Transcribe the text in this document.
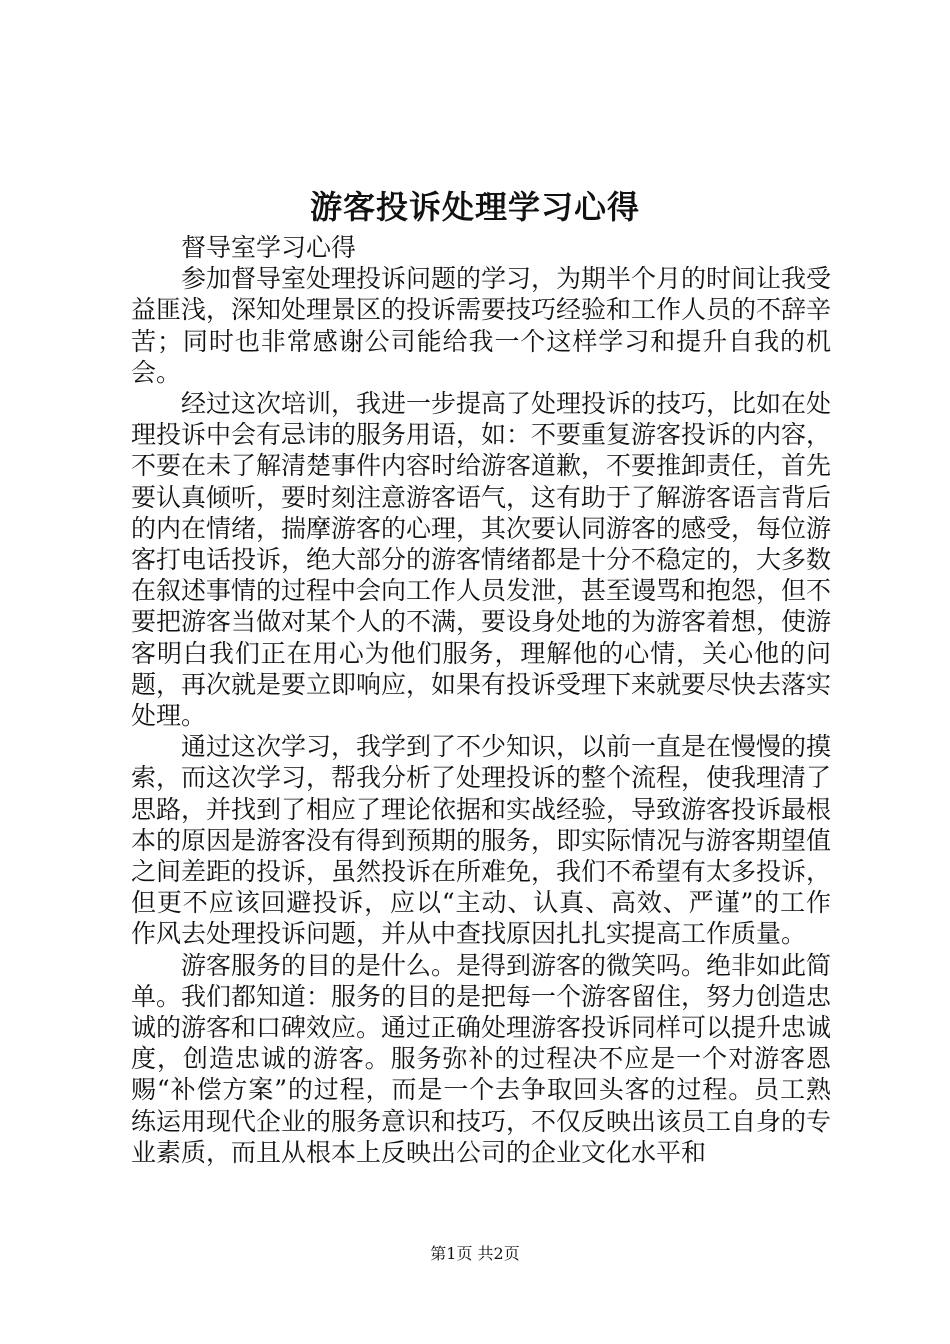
游客投诉处理学习心得

督导室学习心得

参加督导室处理投诉问题的学习，为期半个月的时间让我受益匪浅，深知处理景区的投诉需要技巧经验和工作人员的不辞辛苦；同时也非常感谢公司能给我一个这样学习和提升自我的机会。

经过这次培训，我进一步提高了处理投诉的技巧，比如在处理投诉中会有忌讳的服务用语，如：不要重复游客投诉的内容，不要在未了解清楚事件内容时给游客道歉，不要推卸责任，首先要认真倾听，要时刻注意游客语气，这有助于了解游客语言背后的内在情绪，揣摩游客的心理，其次要认同游客的感受，每位游客打电话投诉，绝大部分的游客情绪都是十分不稳定的，大多数在叙述事情的过程中会向工作人员发泄，甚至谩骂和抱怨，但不要把游客当做对某个人的不满，要设身处地的为游客着想，使游客明白我们正在用心为他们服务，理解他的心情，关心他的问题，再次就是要立即响应，如果有投诉受理下来就要尽快去落实处理。

通过这次学习，我学到了不少知识，以前一直是在慢慢的摸索，而这次学习，帮我分析了处理投诉的整个流程，使我理清了思路，并找到了相应了理论依据和实战经验，导致游客投诉最根本的原因是游客没有得到预期的服务，即实际情况与游客期望值之间差距的投诉，虽然投诉在所难免，我们不希望有太多投诉，但更不应该回避投诉，应以“主动、认真、高效、严谨”的工作作风去处理投诉问题，并从中查找原因扎扎实提高工作质量。

游客服务的目的是什么。是得到游客的微笑吗。绝非如此简单。我们都知道：服务的目的是把每一个游客留住，努力创造忠诚的游客和口碑效应。通过正确处理游客投诉同样可以提升忠诚度，创造忠诚的游客。服务弥补的过程决不应是一个对游客恩赐“补偿方案”的过程，而是一个去争取回头客的过程。员工熟练运用现代企业的服务意识和技巧，不仅反映出该员工自身的专业素质，而且从根本上反映出公司的企业文化水平和

第1页 共2页
